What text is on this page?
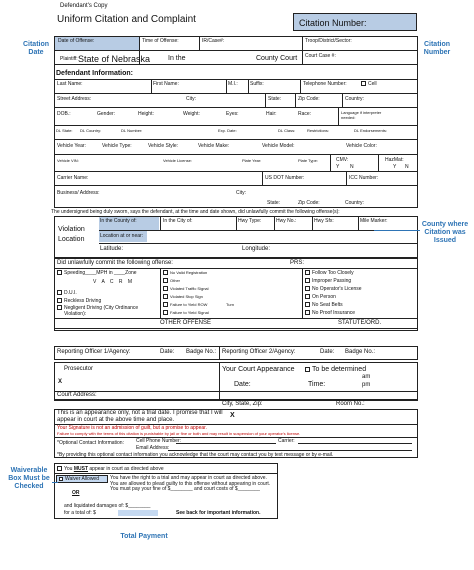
Defendant's Copy
Uniform Citation and Complaint	Citation Number:
Citation Date
Citation Number
County where Citation was Issued
Waiverable Box Must be Checked
Total Payment
Date of Offense:	Time of Offense:	IR/Case#:	Troop/District/Sector:
Plaintiff: State of Nebraska	In the	County Court Court Case #:
Defendant Information:
Last Name:	First Name:	M.I.: Suffix:	Telephone Number:	Cell
Street Address:	City:	State:	Zip Code:	Country:
DOB.:	Gender:	Height:	Weight:	Eyes:	Hair:	Race:	Language if interpreter needed:
DL State: DL Country:	DL Number:	Exp. Date:	DL Class:	Restrictions:	DL Endorsements:
Vehicle Year:	Vehicle Type:	Vehicle Style:	Vehicle Make:	Vehicle Model:	Vehicle Color:
Vehicle VIN:	Vehicle License:	Plate Year:	Plate Type:	CMV:
Y N
HazMat:
Y N
Carrier Name:	US DOT Number:	ICC Number:
Business/ Address:	City:
State:	Zip Code:	Country:
The undersigned being duly sworn, says the defendant, at the time and date shown, did unlawfully commit the following offense(s):
Violation Location
In the County of:	In the City of:	Hwy Type:	Hwy No.:	Hwy Sfx:	Mile Marker:
Location at or near:
Latitude:	Longitude:
Did unlawfully commit the following offense:	PRS:
Speeding____MPH in ____Zone
V A C R M
D.U.I.
Reckless Driving
Negligent Driving (City Ordinance Violation):
No Valid Registration
Other
Violated Traffic Signal
Violated Stop Sign
Failure to Yield ROW	Turn
Failure to Yield Signal
Follow Too Closely
Improper Passing
No Operator's License
On Person
No Seat Belts
No Proof Insurance
OTHER OFFENSE	STATUTE/ORD.
Reporting Officer 1/Agency:	Date: Badge No.: Reporting Officer 2/Agency:	Date: Badge No.:
Prosecutor
X
Your Court Appearance To be determined
am
Date:	Time:	pm
Court Address:
City, State, Zip:	Room No.:
This is an appearance only, not a trial date. I promise that I will appear in court at the above time and place.
X
Your Signature is not an admission of guilt, but a promise to appear.
Failure to comply with the terms of this citation is punishable by jail or fine or both and may result in suspension of your operator's license.
*Optional Contact Information: Cell Phone Number:	Carrier:
Email Address:
*By providing this optional contact information you acknowledge that the court may contact you by text message or by e-mail.
You MUST appear in court as directed above
Waiver Allowed You have the right to a trial and may appear in court as directed above. You are allowed to plead guilty to this offense without appearing in court. You must pay your fine of $________ and court costs of $________
OR
and liquidated damages of: $________
for a total of: $	See back for important information.
